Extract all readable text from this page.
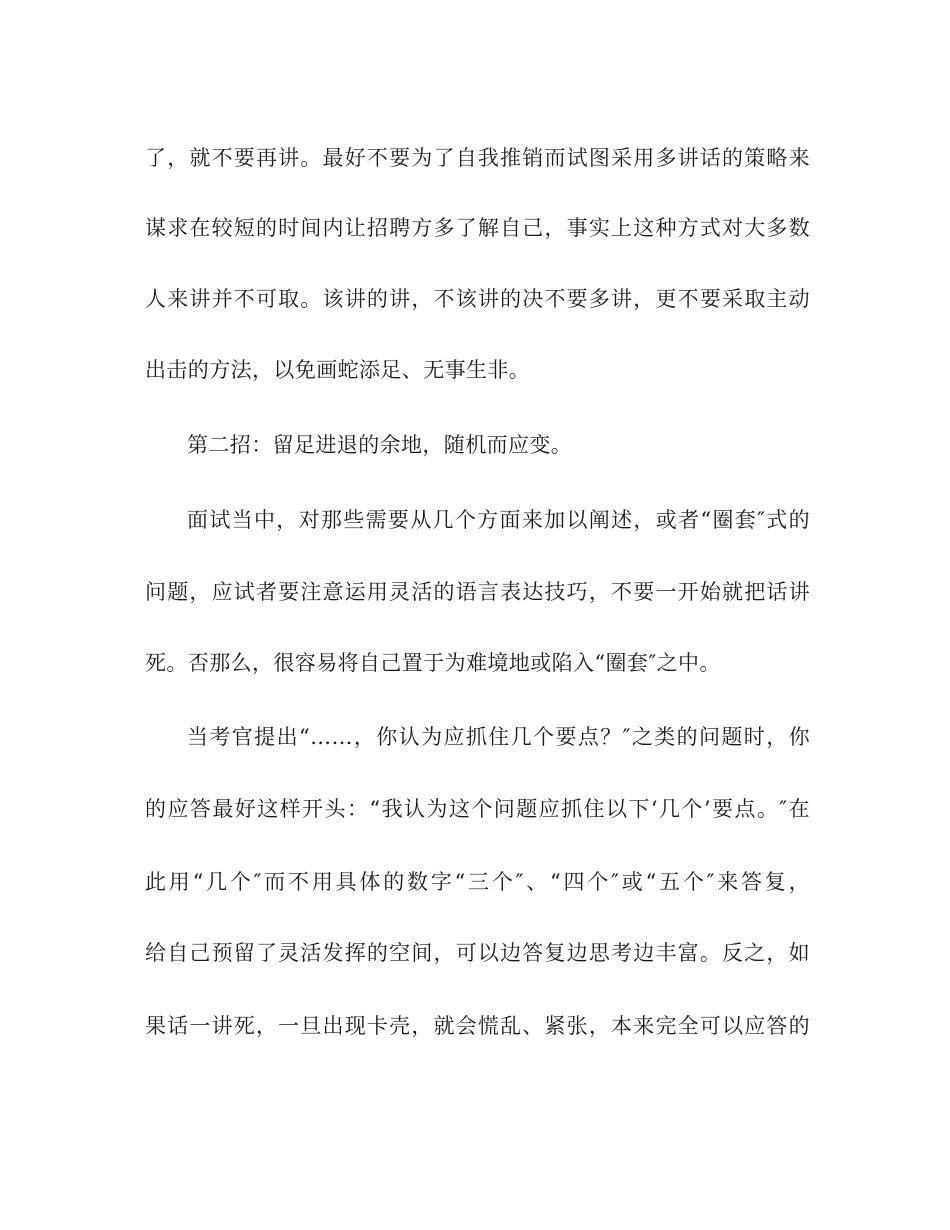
了，就不要再讲。最好不要为了自我推销而试图采用多讲话的策略来

谋求在较短的时间内让招聘方多了解自己，事实上这种方式对大多数

人来讲并不可取。该讲的讲，不该讲的决不要多讲，更不要采取主动

出击的方法，以免画蛇添足、无事生非。

第二招：留足进退的余地，随机而应变。

面试当中，对那些需要从几个方面来加以阐述，或者“圈套″式的

问题，应试者要注意运用灵活的语言表达技巧，不要一开始就把话讲

死。否那么，很容易将自己置于为难境地或陷入“圈套″之中。

当考官提出“……，你认为应抓住几个要点？″之类的问题时，你

的应答最好这样开头：“我认为这个问题应抓住以下‘几个’要点。″在

此用“几个″而不用具体的数字“三个″、“四个″或“五个″来答复，

给自己预留了灵活发挥的空间，可以边答复边思考边丰富。反之，如

果话一讲死，一旦出现卡壳，就会慌乱、紧张，本来完全可以应答的
